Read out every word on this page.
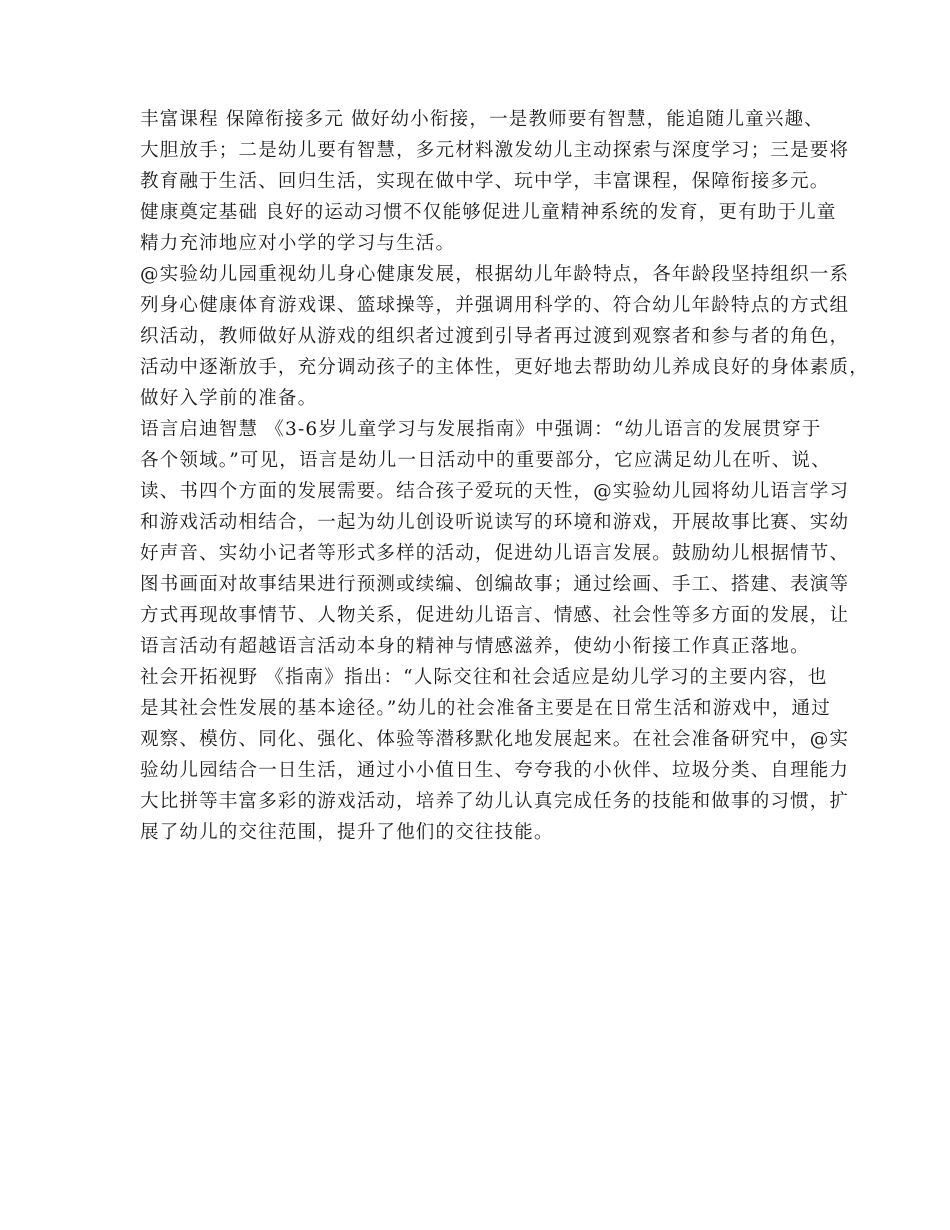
丰富课程 保障衔接多元 做好幼小衔接，一是教师要有智慧，能追随儿童兴趣、

大胆放手；二是幼儿要有智慧，多元材料激发幼儿主动探索与深度学习；三是要将

教育融于生活、回归生活，实现在做中学、玩中学，丰富课程，保障衔接多元。

健康奠定基础 良好的运动习惯不仅能够促进儿童精神系统的发育，更有助于儿童

精力充沛地应对小学的学习与生活。

@实验幼儿园重视幼儿身心健康发展，根据幼儿年龄特点，各年龄段坚持组织一系

列身心健康体育游戏课、篮球操等，并强调用科学的、符合幼儿年龄特点的方式组

织活动，教师做好从游戏的组织者过渡到引导者再过渡到观察者和参与者的角色，

活动中逐渐放手，充分调动孩子的主体性，更好地去帮助幼儿养成良好的身体素质，

做好入学前的准备。

语言启迪智慧 《3-6岁儿童学习与发展指南》中强调：“幼儿语言的发展贯穿于

各个领域。”可见，语言是幼儿一日活动中的重要部分，它应满足幼儿在听、说、

读、书四个方面的发展需要。结合孩子爱玩的天性，@实验幼儿园将幼儿语言学习

和游戏活动相结合，一起为幼儿创设听说读写的环境和游戏，开展故事比赛、实幼

好声音、实幼小记者等形式多样的活动，促进幼儿语言发展。鼓励幼儿根据情节、

图书画面对故事结果进行预测或续编、创编故事；通过绘画、手工、搭建、表演等

方式再现故事情节、人物关系，促进幼儿语言、情感、社会性等多方面的发展，让

语言活动有超越语言活动本身的精神与情感滋养，使幼小衔接工作真正落地。

社会开拓视野 《指南》指出：“人际交往和社会适应是幼儿学习的主要内容，也

是其社会性发展的基本途径。”幼儿的社会准备主要是在日常生活和游戏中，通过

观察、模仿、同化、强化、体验等潜移默化地发展起来。在社会准备研究中，@实

验幼儿园结合一日生活，通过小小值日生、夸夸我的小伙伴、垃圾分类、自理能力

大比拼等丰富多彩的游戏活动，培养了幼儿认真完成任务的技能和做事的习惯，扩

展了幼儿的交往范围，提升了他们的交往技能。
